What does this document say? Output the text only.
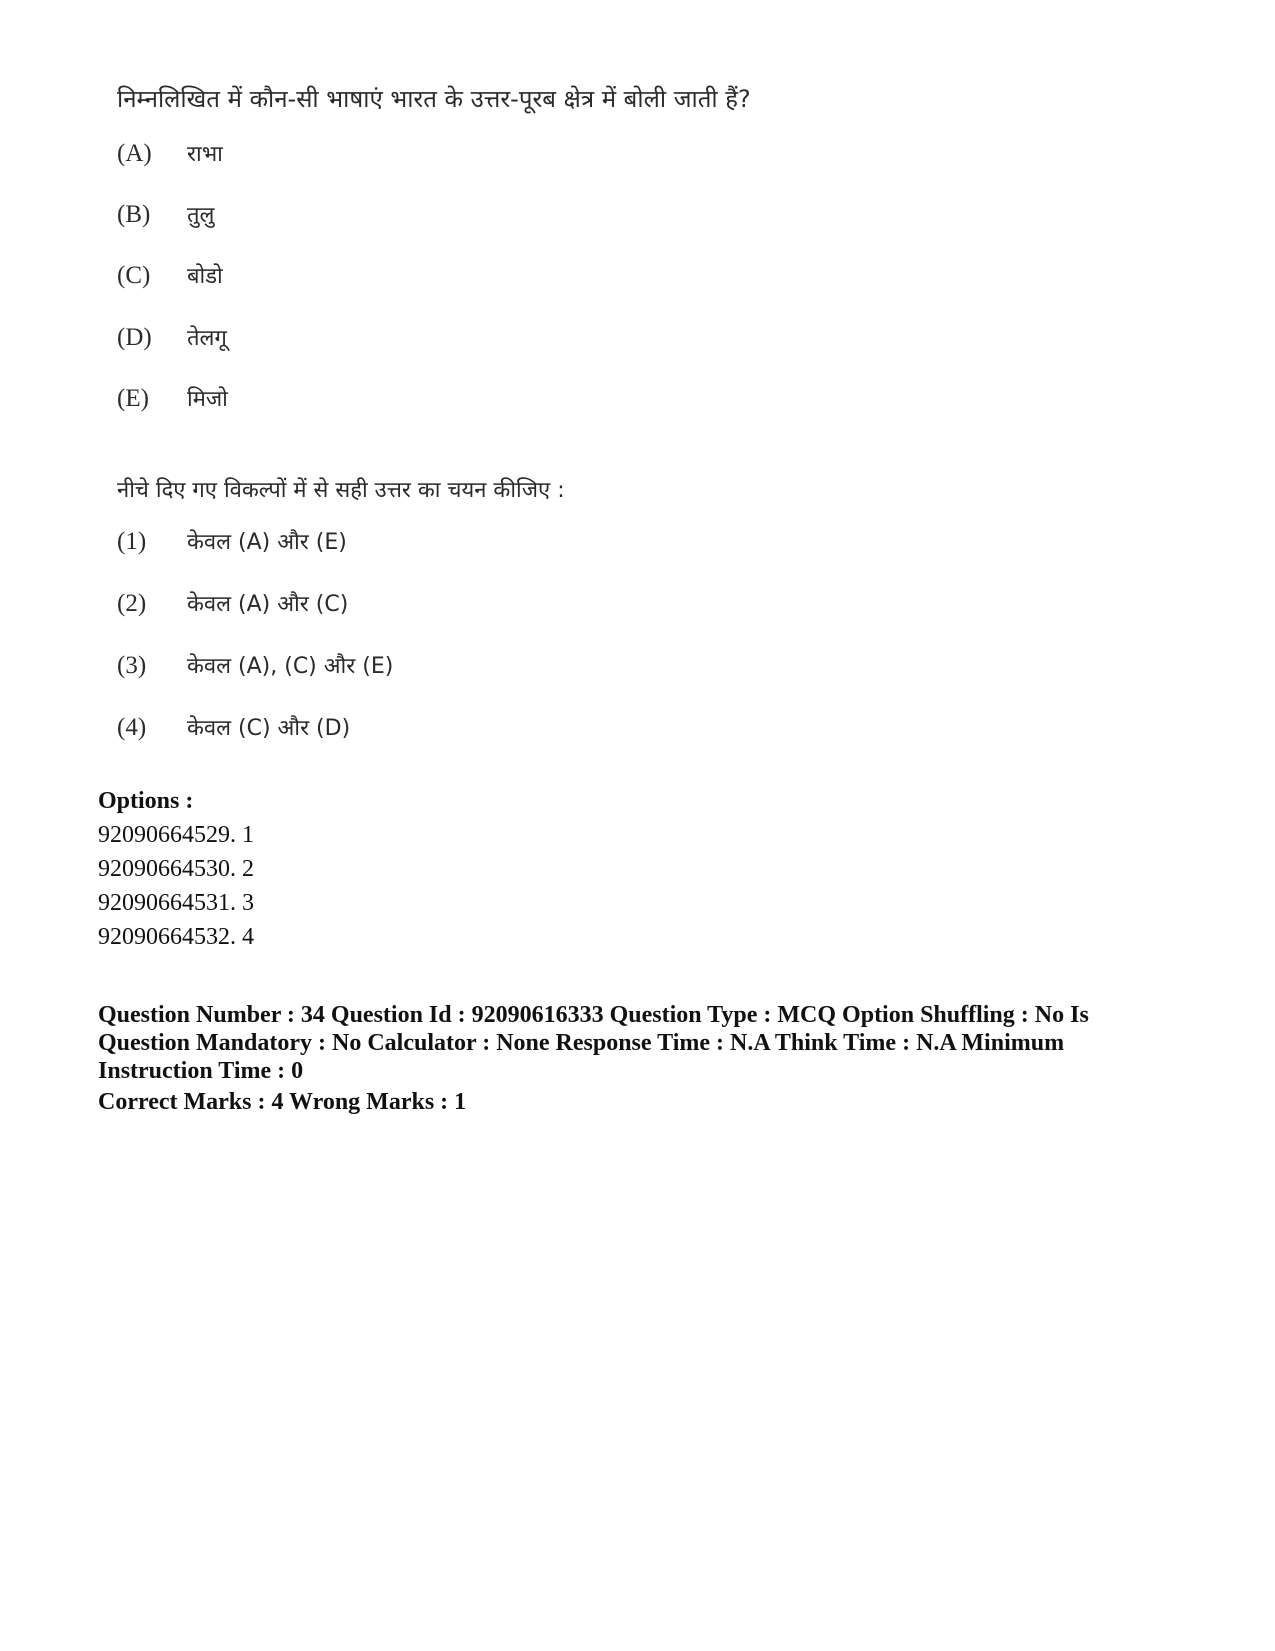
निम्नलिखित में कौन-सी भाषाएं भारत के उत्तर-पूरब क्षेत्र में बोली जाती हैं?
(A)	राभा
(B)	तुलु
(C)	बोडो
(D)	तेलगू
(E)	मिजो
नीचे दिए गए विकल्पों में से सही उत्तर का चयन कीजिए :
(1)	केवल (A) और (E)
(2)	केवल (A) और (C)
(3)	केवल (A), (C) और (E)
(4)	केवल (C) और (D)
Options :
92090664529. 1
92090664530. 2
92090664531. 3
92090664532. 4

Question Number : 34 Question Id : 92090616333 Question Type : MCQ Option Shuffling : No Is

Question Mandatory : No Calculator : None Response Time : N.A Think Time : N.A Minimum

Instruction Time : 0

Correct Marks : 4 Wrong Marks : 1
